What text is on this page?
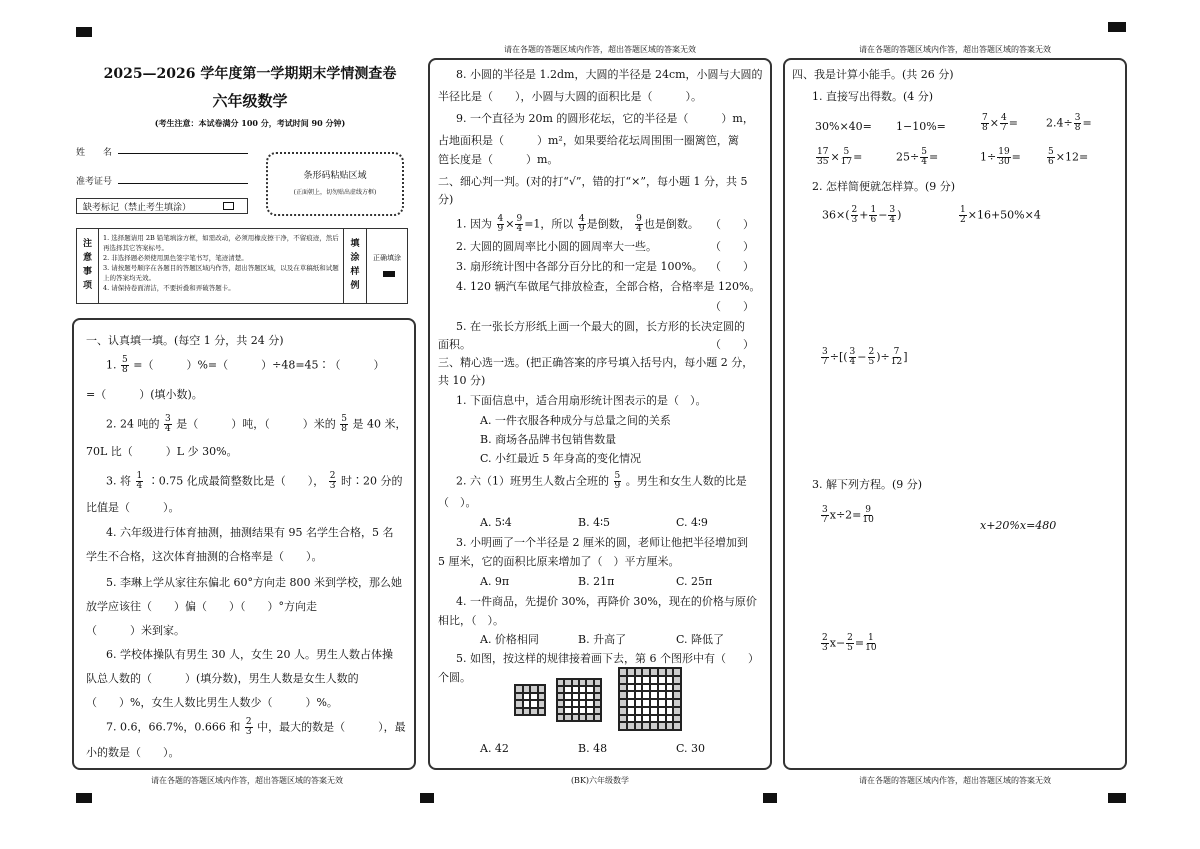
请在各题的答题区域内作答，超出答题区域的答案无效	请在各题的答题区域内作答，超出答题区域的答案无效
请在各题的答题区域内作答，超出答题区域的答案无效	(BK)六年级数学	请在各题的答题区域内作答，超出答题区域的答案无效
2025—2026 学年度第一学期期末学情测查卷
六年级数学
(考生注意：本试卷满分 100 分，考试时间 90 分钟)
姓　　名
准考证号
缺考标记（禁止考生填涂）
条形码粘贴区域
(正面朝上，切勿贴出虚线方框)
注
意
事
项
1. 选择题请用 2B 铅笔填涂方框，如需改动，必须用橡皮擦干净，不留痕迹，然后再选择其它答案标号。
2. 非选择题必须使用黑色签字笔书写，笔迹清楚。
3. 请按题号顺序在各题目的答题区域内作答，超出答题区域，以及在草稿纸和试题上的答案均无效。
4. 请保持卷面清洁，不要折叠和弄破答题卡。
填
涂
样
例
正确填涂
一、认真填一填。(每空 1 分，共 24 分)
1. $\frac{5}{8}$ =（　　　）%=（　　　）÷48=45∶（　　　）
=（　　　）(填小数)。
2. 24 吨的 $\frac{3}{4}$ 是（　　　）吨，（　　　）米的 $\frac{5}{8}$ 是 40 米，
70L 比（　　　）L 少 30%。
3. 将 $\frac{1}{4}$ ∶0.75 化成最简整数比是（　　）， $\frac{2}{3}$ 时∶20 分的
比值是（　　　）。
4. 六年级进行体育抽测，抽测结果有 95 名学生合格，5 名
学生不合格，这次体育抽测的合格率是（　　）。
5. 李琳上学从家往东偏北 60°方向走 800 米到学校，那么她
放学应该往（　　）偏（　　）（　　）°方向走
（　　　）米到家。
6. 学校体操队有男生 30 人，女生 20 人。男生人数占体操
队总人数的（　　　）(填分数)，男生人数是女生人数的
（　　）%，女生人数比男生人数少（　　　）%。
7. 0.6，66.7%，0.666 和 $\frac{2}{3}$ 中，最大的数是（　　　），最
小的数是（　　）。
8. 小圆的半径是 1.2dm，大圆的半径是 24cm，小圆与大圆的
半径比是（　　），小圆与大圆的面积比是（　　　）。
9. 一个直径为 20m 的圆形花坛，它的半径是（　　　）m，
占地面积是（　　　）m²，如果要给花坛周围围一圈篱笆，篱
笆长度是（　　　）m。
二、细心判一判。(对的打“√”，错的打“×”，每小题 1 分，共 5
分)
1. 因为 $\frac{4}{9} \times \frac{9}{4} =1$，所以 $\frac{4}{9}$ 是倒数， $\frac{9}{4}$ 也是倒数。 （　　）
2. 大圆的圆周率比小圆的圆周率大一些。	（　　）
3. 扇形统计图中各部分百分比的和一定是 100%。 （　　）
4. 120 辆汽车做尾气排放检查，全部合格，合格率是 120%。
（　　）
5. 在一张长方形纸上画一个最大的圆，长方形的长决定圆的
面积。	（　　）
三、精心选一选。(把正确答案的序号填入括号内，每小题 2 分，
共 10 分)
1. 下面信息中，适合用扇形统计图表示的是（　）。
A. 一件衣服各种成分与总量之间的关系
B. 商场各品牌书包销售数量
C. 小红最近 5 年身高的变化情况
2. 六（1）班男生人数占全班的 $\frac{5}{9}$ 。男生和女生人数的比是
（　）。
A. 5∶4	B. 4∶5	C. 4∶9
3. 小明画了一个半径是 2 厘米的圆，老师让他把半径增加到
5 厘米，它的面积比原来增加了（　）平方厘米。
A. 9π	B. 21π	C. 25π
4. 一件商品，先提价 30%，再降价 30%，现在的价格与原价
相比，（　）。
A. 价格相同	B. 升高了	C. 降低了
5. 如图，按这样的规律接着画下去，第 6 个图形中有（　　）
个圆。
A. 42	B. 48	C. 30
四、我是计算小能手。(共 26 分)
1. 直接写出得数。(4 分)
30%×40= 1−10%=	$\frac{7}{8} \times \frac{4}{7}$ =	$2.4\div \frac{3}{8}$ =
$\frac{17}{35} \times \frac{5}{17}$ =	$25\div \frac{5}{4}$ =	$1\div \frac{19}{30}$ =	$\frac{5}{6} \times 12=$
2. 怎样简便就怎样算。(9 分)
$36\times( \frac{2}{3} + \frac{1}{6} - \frac{3}{4}$ )	$\frac{1}{2} \times 16+50\%\times 4$
$\frac{3}{7}$ ÷[( $\frac{3}{4} - \frac{2}{5}$ )÷ $\frac{7}{12}$ ]
3. 解下列方程。(9 分)
$\frac{3}{7} x\div 2= \frac{9}{10}$
x+20%x=480
$\frac{2}{3} x- \frac{2}{5} = \frac{1}{10}$
